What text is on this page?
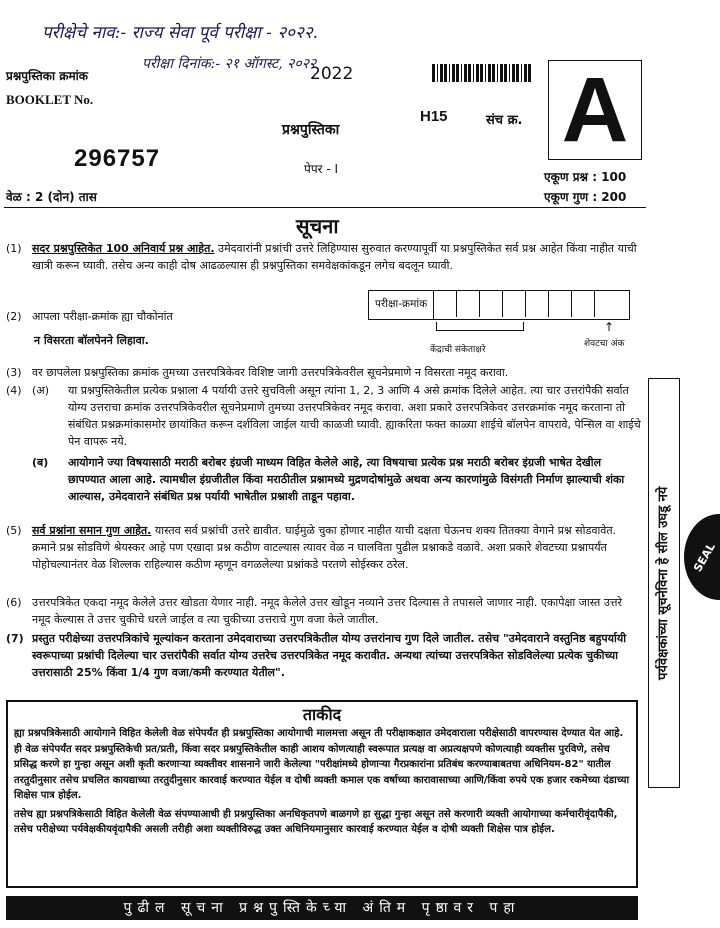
परीक्षेचे नाव:- राज्य सेवा पूर्व परीक्षा - २०२२.
प्रश्नपुस्तिका क्रमांक
परीक्षा दिनांक:- २१ ऑगस्ट, २०२२
2022 A
BOOKLET No.
प्रश्नपुस्तिका
H15	संच क्र.
296757	पेपर - I
एकूण प्रश्न : 100
वेळ : 2 (दोन) तास	एकूण गुण : 200
सूचना
(1) सदर प्रश्नपुस्तिकेत 100 अनिवार्य प्रश्न आहेत. उमेदवारांनी प्रश्नांची उत्तरे लिहिण्यास सुरुवात करण्यापूर्वी या प्रश्नपुस्तिकेत सर्व प्रश्न आहेत किंवा नाहीत याची खात्री करून घ्यावी. तसेच अन्य काही दोष आढळल्यास ही प्रश्नपुस्तिका समवेक्षकांकडून लगेच बदलून घ्यावी.
(2) आपला परीक्षा-क्रमांक ह्या चौकोनांत
न विसरता बॉलपेनने लिहावा.
परीक्षा-क्रमांक
↑
केंद्राची संकेताक्षरे
शेवटचा अंक
(3) वर छापलेला प्रश्नपुस्तिका क्रमांक तुमच्या उत्तरपत्रिकेवर विशिष्ट जागी उत्तरपत्रिकेवरील सूचनेप्रमाणे न विसरता नमूद करावा.
(4) (अ)	या प्रश्नपुस्तिकेतील प्रत्येक प्रश्नाला 4 पर्यायी उत्तरे सुचविली असून त्यांना 1, 2, 3 आणि 4 असे क्रमांक दिलेले आहेत. त्या चार उत्तरांपैकी सर्वात योग्य उत्तराचा क्रमांक उत्तरपत्रिकेवरील सूचनेप्रमाणे तुमच्या उत्तरपत्रिकेवर नमूद करावा. अशा प्रकारे उत्तरपत्रिकेवर उत्तरक्रमांक नमूद करताना तो संबंधित प्रश्नक्रमांकासमोर छायांकित करून दर्शविला जाईल याची काळजी घ्यावी. ह्याकरिता फक्त काळ्या शाईचे बॉलपेन वापरावे, पेन्सिल वा शाईचे पेन वापरू नये.
(ब)	आयोगाने ज्या विषयासाठी मराठी बरोबर इंग्रजी माध्यम विहित केलेले आहे, त्या विषयाचा प्रत्येक प्रश्न मराठी बरोबर इंग्रजी भाषेत देखील छापण्यात आला आहे. त्यामधील इंग्रजीतील किंवा मराठीतील प्रश्नामध्ये मुद्रणदोषांमुळे अथवा अन्य कारणांमुळे विसंगती निर्माण झाल्याची शंका आल्यास, उमेदवाराने संबंधित प्रश्न पर्यायी भाषेतील प्रश्नाशी ताडून पहावा.
(5) सर्व प्रश्नांना समान गुण आहेत. यास्तव सर्व प्रश्नांची उत्तरे द्यावीत. घाईमुळे चुका होणार नाहीत याची दक्षता घेऊनच शक्य तितक्या वेगाने प्रश्न सोडवावेत. क्रमाने प्रश्न सोडविणे श्रेयस्कर आहे पण एखादा प्रश्न कठीण वाटल्यास त्यावर वेळ न घालविता पुढील प्रश्नाकडे वळावे. अशा प्रकारे शेवटच्या प्रश्नापर्यंत पोहोचल्यानंतर वेळ शिल्लक राहिल्यास कठीण म्हणून वगळलेल्या प्रश्नांकडे परतणे सोईस्कर ठरेल.
(6) उत्तरपत्रिकेत एकदा नमूद केलेले उत्तर खोडता येणार नाही. नमूद केलेले उत्तर खोडून नव्याने उत्तर दिल्यास ते तपासले जाणार नाही. एकापेक्षा जास्त उत्तरे नमूद केल्यास ते उत्तर चुकीचे धरले जाईल व त्या चुकीच्या उत्तराचे गुण वजा केले जातील.
(7) प्रस्तुत परीक्षेच्या उत्तरपत्रिकांचे मूल्यांकन करताना उमेदवाराच्या उत्तरपत्रिकेतील योग्य उत्तरांनाच गुण दिले जातील. तसेच "उमेदवाराने वस्तुनिष्ठ बहुपर्यायी स्वरूपाच्या प्रश्नांची दिलेल्या चार उत्तरांपैकी सर्वात योग्य उत्तरेच उत्तरपत्रिकेत नमूद करावीत. अन्यथा त्यांच्या उत्तरपत्रिकेत सोडविलेल्या प्रत्येक चुकीच्या उत्तरासाठी 25% किंवा 1/4 गुण वजा/कमी करण्यात येतील".
ताकीद
ह्या प्रश्नपत्रिकेसाठी आयोगाने विहित केलेली वेळ संपेपर्यंत ही प्रश्नपुस्तिका आयोगाची मालमत्ता असून ती परीक्षाकक्षात उमेदवाराला परीक्षेसाठी वापरण्यास देण्यात येत आहे. ही वेळ संपेपर्यंत सदर प्रश्नपुस्तिकेची प्रत/प्रती, किंवा सदर प्रश्नपुस्तिकेतील काही आशय कोणत्याही स्वरूपात प्रत्यक्ष वा अप्रत्यक्षपणे कोणत्याही व्यक्तीस पुरविणे, तसेच प्रसिद्ध करणे हा गुन्हा असून अशी कृती करणाऱ्या व्यक्तीवर शासनाने जारी केलेल्या "परीक्षांमध्ये होणाऱ्या गैरप्रकारांना प्रतिबंध करण्याबाबतचा अधिनियम-82" यातील तरतुदीनुसार तसेच प्रचलित कायद्याच्या तरतुदीनुसार कारवाई करण्यात येईल व दोषी व्यक्ती कमाल एक वर्षाच्या कारावासाच्या आणि/किंवा रुपये एक हजार रकमेच्या दंडाच्या शिक्षेस पात्र होईल.
तसेच ह्या प्रश्नपत्रिकेसाठी विहित केलेली वेळ संपण्याआधी ही प्रश्नपुस्तिका अनधिकृतपणे बाळगणे हा सुद्धा गुन्हा असून तसे करणारी व्यक्ती आयोगाच्या कर्मचारीवृंदापैकी, तसेच परीक्षेच्या पर्यवेक्षकीयवृंदापैकी असली तरीही अशा व्यक्तीविरुद्ध उक्त अधिनियमानुसार कारवाई करण्यात येईल व दोषी व्यक्ती शिक्षेस पात्र होईल.
पुढील सूचना प्रश्नपुस्तिकेच्या अंतिम पृष्ठावर पहा
पर्यवेक्षकांच्या सूचनेविना हे सील उघडू नये SEAL
